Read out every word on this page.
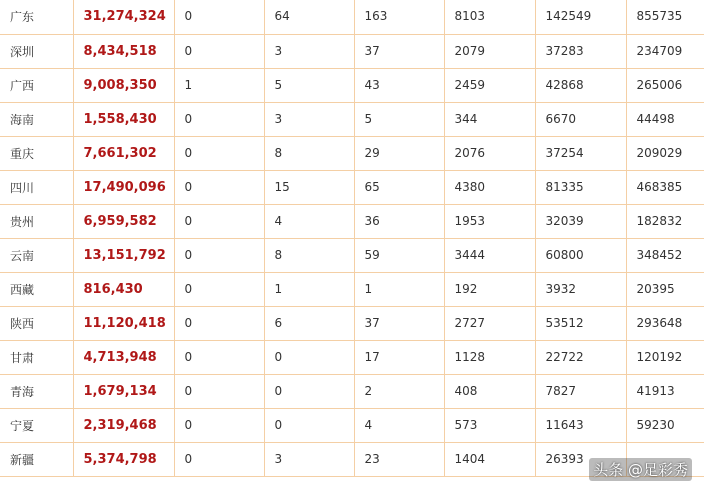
广东	31,274,324	0	64	163	8103	142549	855735
深圳	8,434,518	0	3	37	2079	37283	234709
广西	9,008,350	1	5	43	2459	42868	265006
海南	1,558,430	0	3	5	344	6670	44498
重庆	7,661,302	0	8	29	2076	37254	209029
四川	17,490,096	0	15	65	4380	81335	468385
贵州	6,959,582	0	4	36	1953	32039	182832
云南	13,151,792	0	8	59	3444	60800	348452
西藏	816,430	0	1	1	192	3932	20395
陕西	11,120,418	0	6	37	2727	53512	293648
甘肃	4,713,948	0	0	17	1128	22722	120192
青海	1,679,134	0	0	2	408	7827	41913
宁夏	2,319,468	0	0	4	573	11643	59230
新疆	5,374,798	0	3	23	1404	26393	
头条 @足彩秀
